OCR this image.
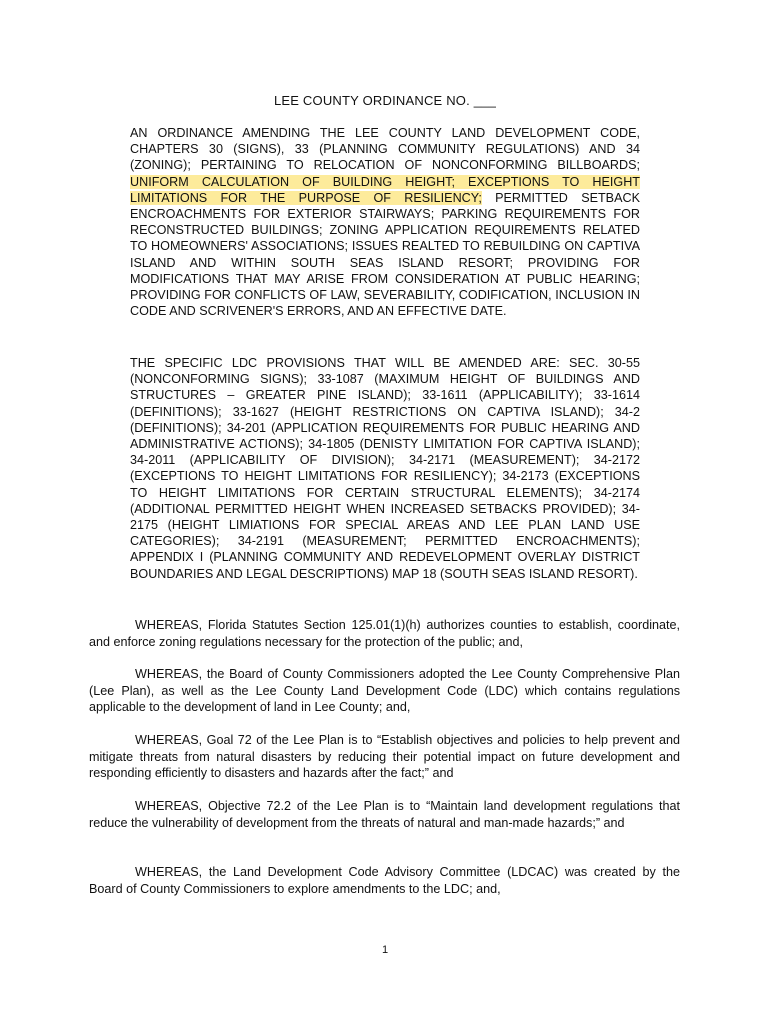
LEE COUNTY ORDINANCE NO. ___
AN ORDINANCE AMENDING THE LEE COUNTY LAND DEVELOPMENT CODE, CHAPTERS 30 (SIGNS), 33 (PLANNING COMMUNITY REGULATIONS) AND 34 (ZONING); PERTAINING TO RELOCATION OF NONCONFORMING BILLBOARDS; UNIFORM CALCULATION OF BUILDING HEIGHT; EXCEPTIONS TO HEIGHT LIMITATIONS FOR THE PURPOSE OF RESILIENCY; PERMITTED SETBACK ENCROACHMENTS FOR EXTERIOR STAIRWAYS; PARKING REQUIREMENTS FOR RECONSTRUCTED BUILDINGS; ZONING APPLICATION REQUIREMENTS RELATED TO HOMEOWNERS' ASSOCIATIONS; ISSUES REALTED TO REBUILDING ON CAPTIVA ISLAND AND WITHIN SOUTH SEAS ISLAND RESORT; PROVIDING FOR MODIFICATIONS THAT MAY ARISE FROM CONSIDERATION AT PUBLIC HEARING; PROVIDING FOR CONFLICTS OF LAW, SEVERABILITY, CODIFICATION, INCLUSION IN CODE AND SCRIVENER'S ERRORS, AND AN EFFECTIVE DATE.
THE SPECIFIC LDC PROVISIONS THAT WILL BE AMENDED ARE: SEC. 30-55 (NONCONFORMING SIGNS); 33-1087 (MAXIMUM HEIGHT OF BUILDINGS AND STRUCTURES – GREATER PINE ISLAND); 33-1611 (APPLICABILITY); 33-1614 (DEFINITIONS); 33-1627 (HEIGHT RESTRICTIONS ON CAPTIVA ISLAND); 34-2 (DEFINITIONS); 34-201 (APPLICATION REQUIREMENTS FOR PUBLIC HEARING AND ADMINISTRATIVE ACTIONS); 34-1805 (DENISTY LIMITATION FOR CAPTIVA ISLAND); 34-2011 (APPLICABILITY OF DIVISION); 34-2171 (MEASUREMENT); 34-2172 (EXCEPTIONS TO HEIGHT LIMITATIONS FOR RESILIENCY); 34-2173 (EXCEPTIONS TO HEIGHT LIMITATIONS FOR CERTAIN STRUCTURAL ELEMENTS); 34-2174 (ADDITIONAL PERMITTED HEIGHT WHEN INCREASED SETBACKS PROVIDED); 34-2175 (HEIGHT LIMIATIONS FOR SPECIAL AREAS AND LEE PLAN LAND USE CATEGORIES); 34-2191 (MEASUREMENT; PERMITTED ENCROACHMENTS); APPENDIX I (PLANNING COMMUNITY AND REDEVELOPMENT OVERLAY DISTRICT BOUNDARIES AND LEGAL DESCRIPTIONS) MAP 18 (SOUTH SEAS ISLAND RESORT).
WHEREAS, Florida Statutes Section 125.01(1)(h) authorizes counties to establish, coordinate, and enforce zoning regulations necessary for the protection of the public; and,
WHEREAS, the Board of County Commissioners adopted the Lee County Comprehensive Plan (Lee Plan), as well as the Lee County Land Development Code (LDC) which contains regulations applicable to the development of land in Lee County; and,
WHEREAS, Goal 72 of the Lee Plan is to “Establish objectives and policies to help prevent and mitigate threats from natural disasters by reducing their potential impact on future development and responding efficiently to disasters and hazards after the fact;” and
WHEREAS, Objective 72.2 of the Lee Plan is to “Maintain land development regulations that reduce the vulnerability of development from the threats of natural and man-made hazards;” and
WHEREAS, the Land Development Code Advisory Committee (LDCAC) was created by the Board of County Commissioners to explore amendments to the LDC; and,
1
